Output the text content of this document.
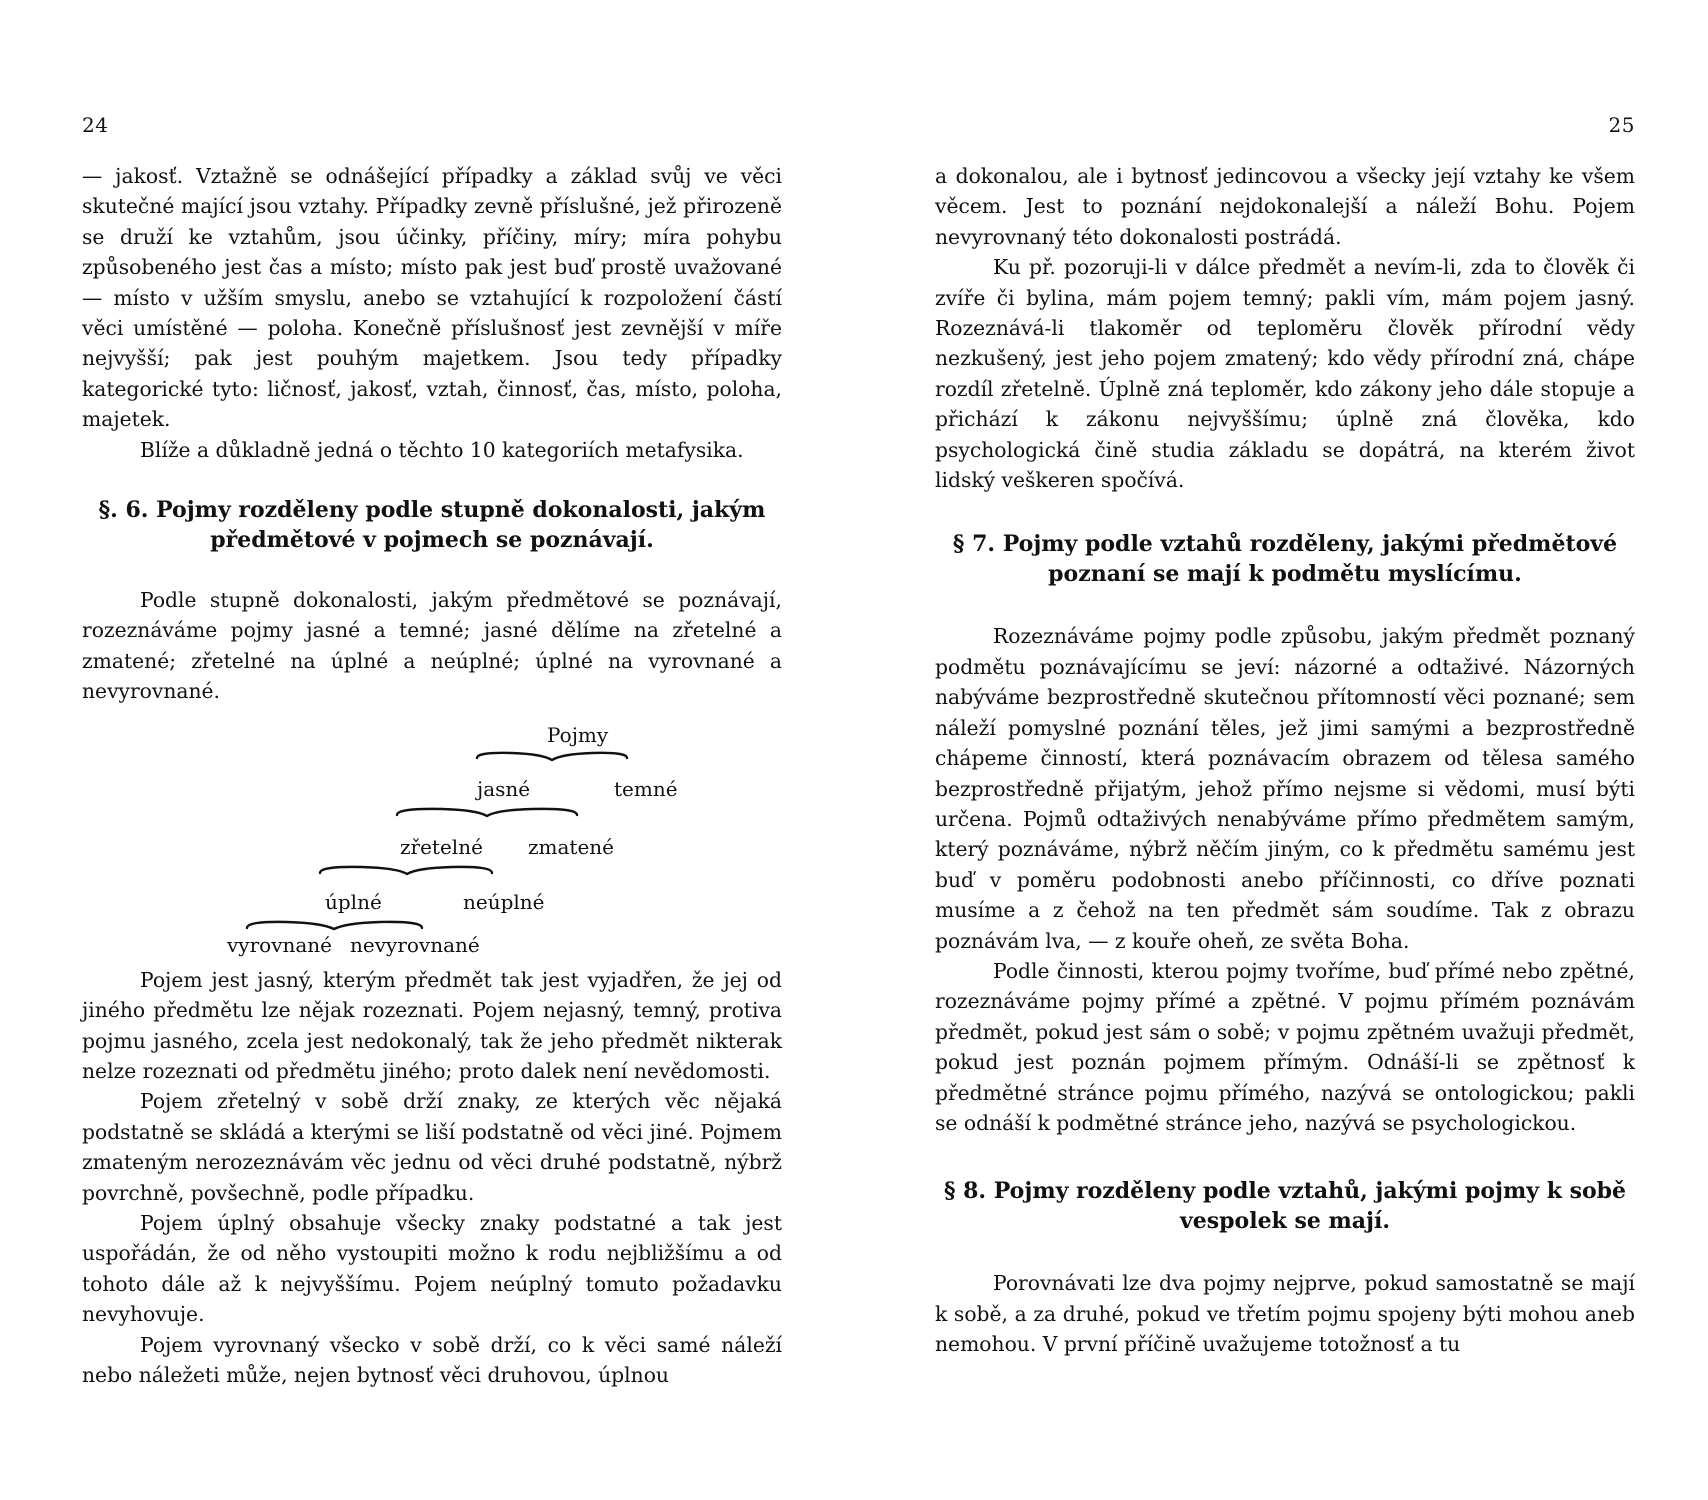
24

— jakosť. Vztažně se odnášející případky a základ svůj ve věci skutečné mající jsou vztahy. Případky zevně příslušné, jež přirozeně se druží ke vztahům, jsou účinky, příčiny, míry; míra pohybu způsobeného jest čas a místo; místo pak jest buď prostě uvažované — místo v užším smyslu, anebo se vztahující k rozpoložení částí věci umístěné — poloha. Konečně příslušnosť jest zevnější v míře nejvyšší; pak jest pouhým majetkem. Jsou tedy případky kategorické tyto: ličnosť, jakosť, vztah, činnosť, čas, místo, poloha, majetek.

Blíže a důkladně jedná o těchto 10 kategoriích metafysika.

§. 6. Pojmy rozděleny podle stupně dokonalosti, jakým předmětové v pojmech se poznávají.

Podle stupně dokonalosti, jakým předmětové se poznávají, rozeznáváme pojmy jasné a temné; jasné dělíme na zřetelné a zmatené; zřetelné na úplné a neúplné; úplné na vyrovnané a nevyrovnané.

Pojmy
jasné	temné
zřetelné zmatené
úplné	neúplné
vyrovnané nevyrovnané

Pojem jest jasný, kterým předmět tak jest vyjadřen, že jej od jiného předmětu lze nějak rozeznati. Pojem nejasný, temný, protiva pojmu jasného, zcela jest nedokonalý, tak že jeho předmět nikterak nelze rozeznati od předmětu jiného; proto dalek není nevědomosti.

Pojem zřetelný v sobě drží znaky, ze kterých věc nějaká podstatně se skládá a kterými se liší podstatně od věci jiné. Pojmem zmateným nerozeznávám věc jednu od věci druhé podstatně, nýbrž povrchně, povšechně, podle případku.

Pojem úplný obsahuje všecky znaky podstatné a tak jest uspořádán, že od něho vystoupiti možno k rodu nejbližšímu a od tohoto dále až k nejvyššímu. Pojem neúplný tomuto požadavku nevyhovuje.

Pojem vyrovnaný všecko v sobě drží, co k věci samé náleží nebo náležeti může, nejen bytnosť věci druhovou, úplnou

25

a dokonalou, ale i bytnosť jedincovou a všecky její vztahy ke všem věcem. Jest to poznání nejdokonalejší a náleží Bohu. Pojem nevyrovnaný této dokonalosti postrádá.

Ku př. pozoruji-li v dálce předmět a nevím-li, zda to člověk či zvíře či bylina, mám pojem temný; pakli vím, mám pojem jasný. Rozeznává-li tlakoměr od teploměru člověk přírodní vědy nezkušený, jest jeho pojem zmatený; kdo vědy přírodní zná, chápe rozdíl zřetelně. Úplně zná teploměr, kdo zákony jeho dále stopuje a přichází k zákonu nejvyššímu; úplně zná člověka, kdo psychologická čině studia základu se dopátrá, na kterém život lidský veškeren spočívá.

§ 7. Pojmy podle vztahů rozděleny, jakými předmětové poznaní se mají k podmětu myslícímu.

Rozeznáváme pojmy podle způsobu, jakým předmět poznaný podmětu poznávajícímu se jeví: názorné a odtaživé. Názorných nabýváme bezprostředně skutečnou přítomností věci poznané; sem náleží pomyslné poznání těles, jež jimi samými a bezprostředně chápeme činností, která poznávacím obrazem od tělesa samého bezprostředně přijatým, jehož přímo nejsme si vědomi, musí býti určena. Pojmů odtaživých nenabýváme přímo předmětem samým, který poznáváme, nýbrž něčím jiným, co k předmětu samému jest buď v poměru podobnosti anebo příčinnosti, co dříve poznati musíme a z čehož na ten předmět sám soudíme. Tak z obrazu poznávám lva, — z kouře oheň, ze světa Boha.

Podle činnosti, kterou pojmy tvoříme, buď přímé nebo zpětné, rozeznáváme pojmy přímé a zpětné. V pojmu přímém poznávám předmět, pokud jest sám o sobě; v pojmu zpětném uvažuji předmět, pokud jest poznán pojmem přímým. Odnáší-li se zpětnosť k předmětné stránce pojmu přímého, nazývá se ontologickou; pakli se odnáší k podmětné stránce jeho, nazývá se psychologickou.

§ 8. Pojmy rozděleny podle vztahů, jakými pojmy k sobě vespolek se mají.

Porovnávati lze dva pojmy nejprve, pokud samostatně se mají k sobě, a za druhé, pokud ve třetím pojmu spojeny býti mohou aneb nemohou. V první příčině uvažujeme totožnosť a tu
